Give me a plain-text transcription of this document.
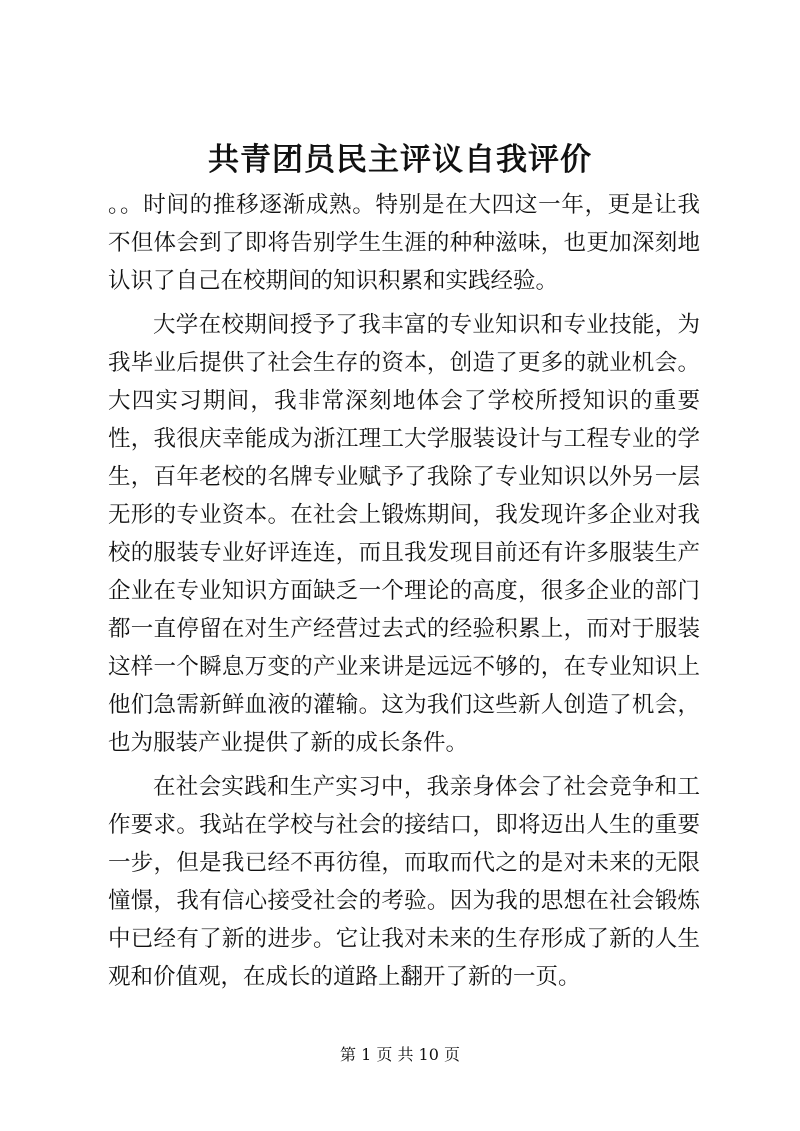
共青团员民主评议自我评价

。。时间的推移逐渐成熟。特别是在大四这一年，更是让我不但体会到了即将告别学生生涯的种种滋味，也更加深刻地认识了自己在校期间的知识积累和实践经验。

大学在校期间授予了我丰富的专业知识和专业技能，为我毕业后提供了社会生存的资本，创造了更多的就业机会。大四实习期间，我非常深刻地体会了学校所授知识的重要性，我很庆幸能成为浙江理工大学服装设计与工程专业的学生，百年老校的名牌专业赋予了我除了专业知识以外另一层无形的专业资本。在社会上锻炼期间，我发现许多企业对我校的服装专业好评连连，而且我发现目前还有许多服装生产企业在专业知识方面缺乏一个理论的高度，很多企业的部门都一直停留在对生产经营过去式的经验积累上，而对于服装这样一个瞬息万变的产业来讲是远远不够的，在专业知识上他们急需新鲜血液的灌输。这为我们这些新人创造了机会，也为服装产业提供了新的成长条件。

在社会实践和生产实习中，我亲身体会了社会竞争和工作要求。我站在学校与社会的接结口，即将迈出人生的重要一步，但是我已经不再彷徨，而取而代之的是对未来的无限憧憬，我有信心接受社会的考验。因为我的思想在社会锻炼中已经有了新的进步。它让我对未来的生存形成了新的人生观和价值观，在成长的道路上翻开了新的一页。

第 1 页 共 10 页
